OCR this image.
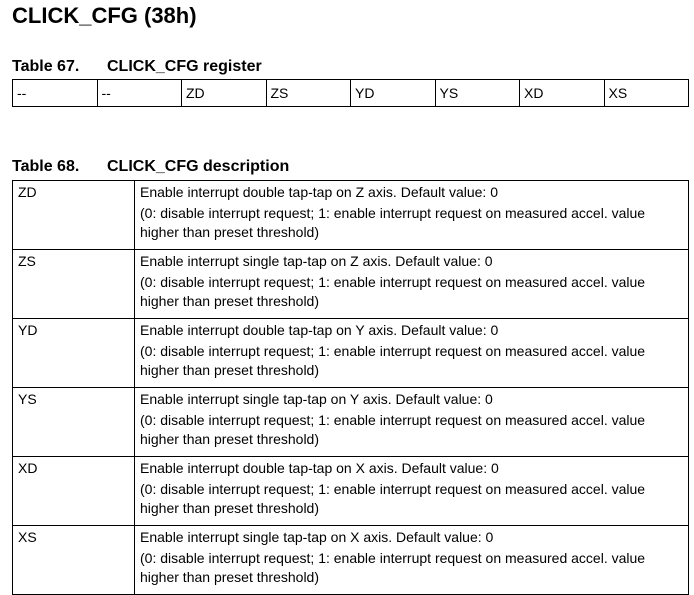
CLICK_CFG (38h)
Table 67. CLICK_CFG register
--	--	ZD	ZS	YD	YS	XD	XS
Table 68. CLICK_CFG description
ZD	Enable interrupt double tap-tap on Z axis. Default value: 0
(0: disable interrupt request; 1: enable interrupt request on measured accel. value higher than preset threshold)

ZS	Enable interrupt single tap-tap on Z axis. Default value: 0
(0: disable interrupt request; 1: enable interrupt request on measured accel. value higher than preset threshold)

YD	Enable interrupt double tap-tap on Y axis. Default value: 0
(0: disable interrupt request; 1: enable interrupt request on measured accel. value higher than preset threshold)

YS	Enable interrupt single tap-tap on Y axis. Default value: 0
(0: disable interrupt request; 1: enable interrupt request on measured accel. value higher than preset threshold)

XD	Enable interrupt double tap-tap on X axis. Default value: 0
(0: disable interrupt request; 1: enable interrupt request on measured accel. value higher than preset threshold)

XS	Enable interrupt single tap-tap on X axis. Default value: 0
(0: disable interrupt request; 1: enable interrupt request on measured accel. value higher than preset threshold)
